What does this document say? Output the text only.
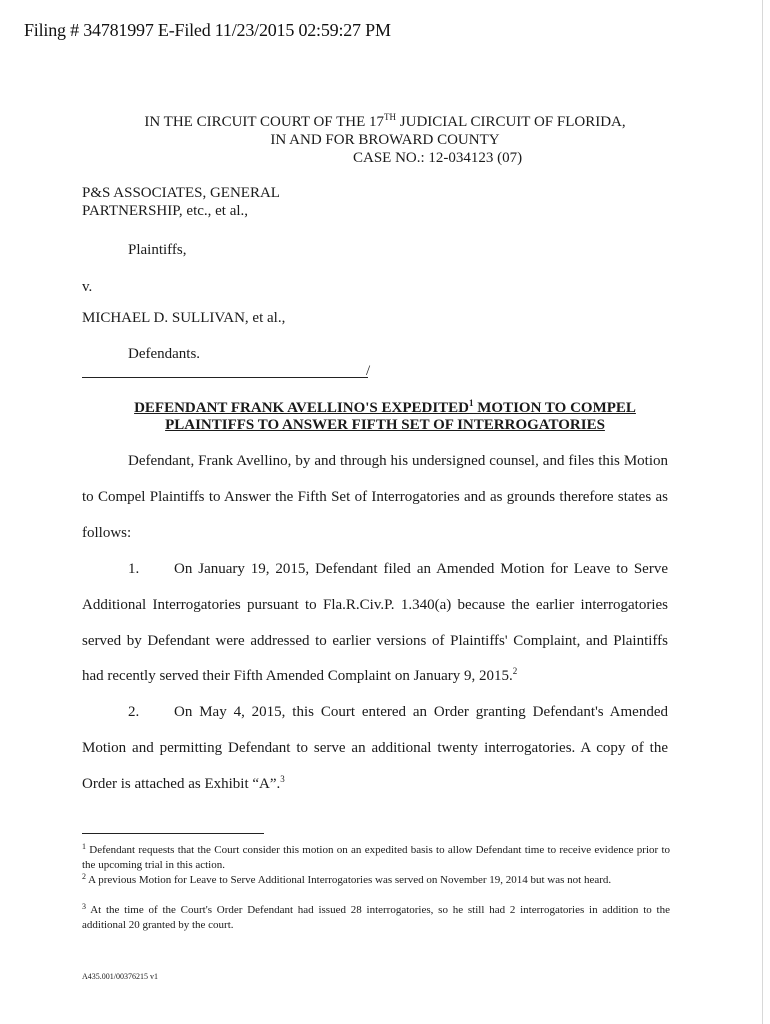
Filing # 34781997 E-Filed 11/23/2015 02:59:27 PM
IN THE CIRCUIT COURT OF THE 17TH JUDICIAL CIRCUIT OF FLORIDA,
IN AND FOR BROWARD COUNTY
CASE NO.: 12-034123 (07)
P&S ASSOCIATES, GENERAL
PARTNERSHIP, etc., et al.,
Plaintiffs,
v.
MICHAEL D. SULLIVAN, et al.,
Defendants.
/
DEFENDANT FRANK AVELLINO'S EXPEDITED$^1$ MOTION TO COMPEL
PLAINTIFFS TO ANSWER FIFTH SET OF INTERROGATORIES
Defendant, Frank Avellino, by and through his undersigned counsel, and files this Motion
to Compel Plaintiffs to Answer the Fifth Set of Interrogatories and as grounds therefore states as
follows:
1. On January 19, 2015, Defendant filed an Amended Motion for Leave to Serve
Additional Interrogatories pursuant to Fla.R.Civ.P. 1.340(a) because the earlier interrogatories
served by Defendant were addressed to earlier versions of Plaintiffs' Complaint, and Plaintiffs
had recently served their Fifth Amended Complaint on January 9, 2015.$^2$
2. On May 4, 2015, this Court entered an Order granting Defendant's Amended
Motion and permitting Defendant to serve an additional twenty interrogatories. A copy of the
Order is attached as Exhibit “A”.$^3$
$^1$ Defendant requests that the Court consider this motion on an expedited basis to allow Defendant time to receive evidence prior to the upcoming trial in this action.
$^2$ A previous Motion for Leave to Serve Additional Interrogatories was served on November 19, 2014 but was not heard.
$^3$ At the time of the Court's Order Defendant had issued 28 interrogatories, so he still had 2 interrogatories in addition to the additional 20 granted by the court.
A435.001/00376215 v1
